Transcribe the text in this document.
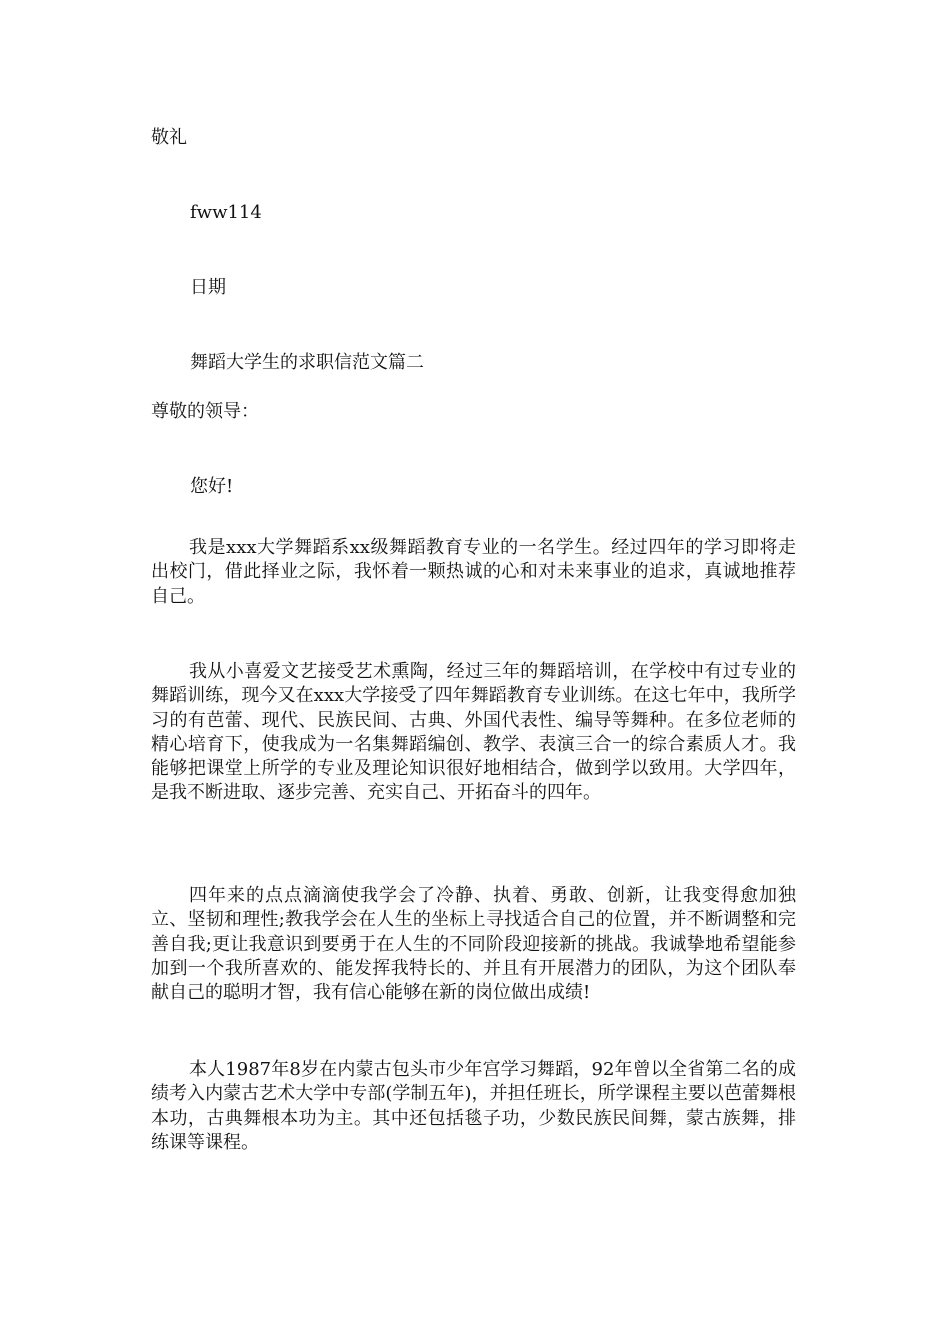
敬礼
fww114
日期
舞蹈大学生的求职信范文篇二
尊敬的领导：
您好!

我是xxx大学舞蹈系xx级舞蹈教育专业的一名学生。经过四年的学习即将走出校门，借此择业之际，我怀着一颗热诚的心和对未来事业的追求，真诚地推荐自己。

我从小喜爱文艺接受艺术熏陶，经过三年的舞蹈培训，在学校中有过专业的舞蹈训练，现今又在xxx大学接受了四年舞蹈教育专业训练。在这七年中，我所学习的有芭蕾、现代、民族民间、古典、外国代表性、编导等舞种。在多位老师的精心培育下，使我成为一名集舞蹈编创、教学、表演三合一的综合素质人才。我能够把课堂上所学的专业及理论知识很好地相结合，做到学以致用。大学四年，是我不断进取、逐步完善、充实自己、开拓奋斗的四年。

四年来的点点滴滴使我学会了冷静、执着、勇敢、创新，让我变得愈加独立、坚韧和理性;教我学会在人生的坐标上寻找适合自己的位置，并不断调整和完善自我;更让我意识到要勇于在人生的不同阶段迎接新的挑战。我诚挚地希望能参加到一个我所喜欢的、能发挥我特长的、并且有开展潜力的团队，为这个团队奉献自己的聪明才智，我有信心能够在新的岗位做出成绩!

本人1987年8岁在内蒙古包头市少年宫学习舞蹈，92年曾以全省第二名的成绩考入内蒙古艺术大学中专部(学制五年)，并担任班长，所学课程主要以芭蕾舞根本功，古典舞根本功为主。其中还包括毯子功，少数民族民间舞，蒙古族舞，排练课等课程。
